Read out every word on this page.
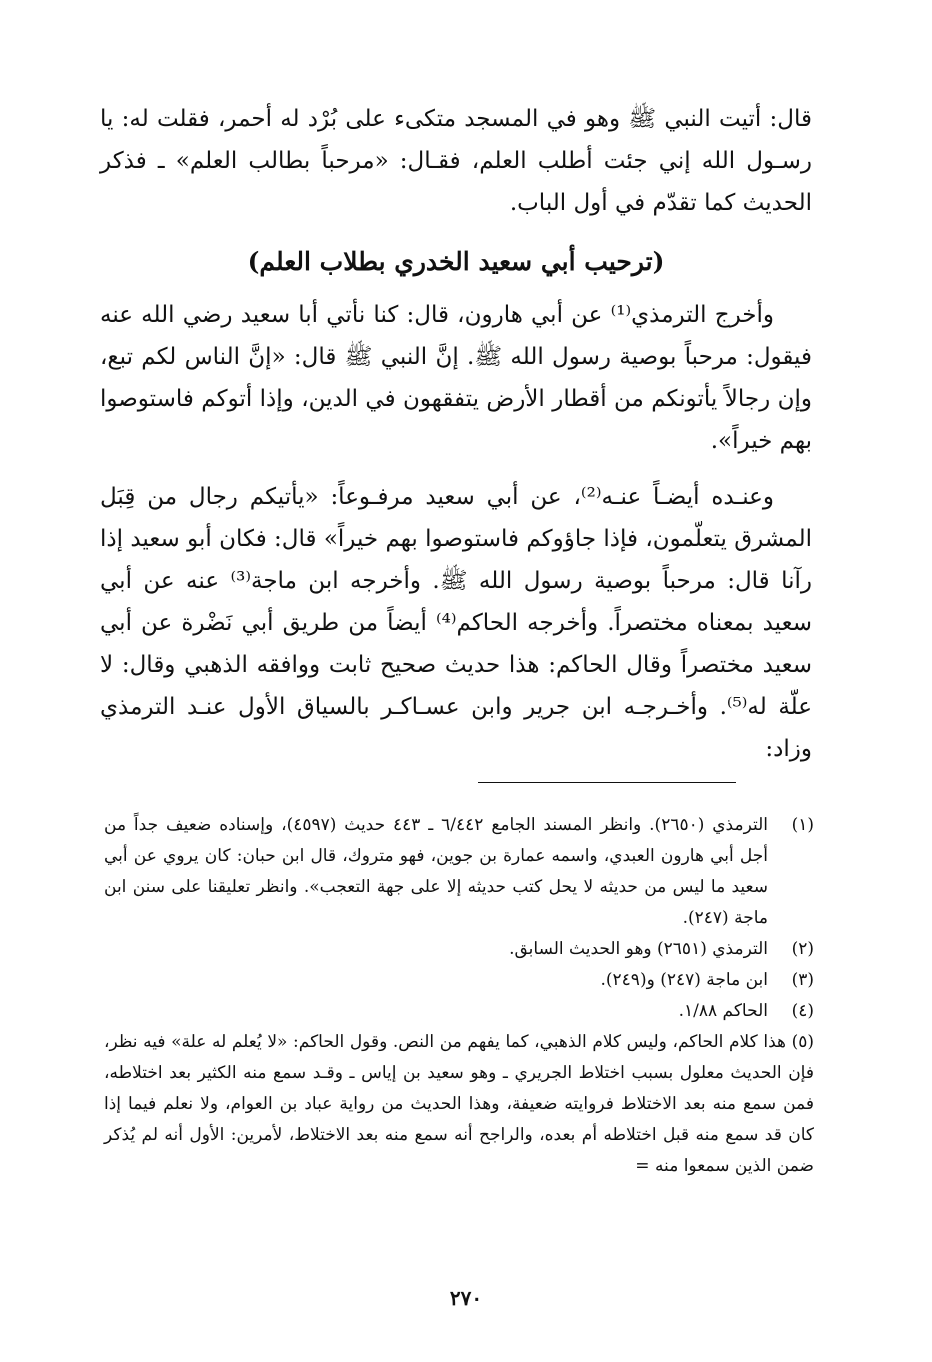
قال: أتيت النبي ﷺ وهو في المسجد متكىء على بُرْد له أحمر، فقلت له: يا رسـول الله إني جئت أطلب العلم، فقـال: «مرحباً بطالب العلم» ـ فذكر الحديث كما تقدّم في أول الباب.

(ترحيب أبي سعيد الخدري بطلاب العلم)

وأخرج الترمذي⁽¹⁾ عن أبي هارون، قال: كنا نأتي أبا سعيد رضي الله عنه فيقول: مرحباً بوصية رسول الله ﷺ. إنَّ النبي ﷺ قال: «إنَّ الناس لكم تبع، وإن رجالاً يأتونكم من أقطار الأرض يتفقهون في الدين، وإذا أتوكم فاستوصوا بهم خيراً».

وعنـده أيضـاً عنـه⁽²⁾، عن أبي سعيد مرفـوعاً: «يأتيكم رجال من قِبَل المشرق يتعلّمون، فإذا جاؤوكم فاستوصوا بهم خيراً» قال: فكان أبو سعيد إذا رآنا قال: مرحباً بوصية رسول الله ﷺ. وأخرجه ابن ماجة⁽³⁾ عنه عن أبي سعيد بمعناه مختصراً. وأخرجه الحاكم⁽⁴⁾ أيضاً من طريق أبي نَضْرة عن أبي سعيد مختصراً وقال الحاكم: هذا حديث صحيح ثابت ووافقه الذهبي وقال: لا علّة له⁽⁵⁾. وأخـرجـه ابن جرير وابن عسـاكـر بالسياق الأول عنـد الترمذي وزاد:

(١)
الترمذي (٢٦٥٠). وانظر المسند الجامع ٦/٤٤٢ ـ ٤٤٣ حديث (٤٥٩٧)، وإسناده ضعيف جداً من أجل أبي هارون العبدي، واسمه عمارة بن جوين، فهو متروك، قال ابن حبان: كان يروي عن أبي سعيد ما ليس من حديثه لا يحل كتب حديثه إلا على جهة التعجب». وانظر تعليقنا على سنن ابن ماجة (٢٤٧).
(٢)
الترمذي (٢٦٥١) وهو الحديث السابق.
(٣)
ابن ماجة (٢٤٧) و(٢٤٩).
(٤)
الحاكم ١/٨٨.
(٥) هذا كلام الحاكم، وليس كلام الذهبي، كما يفهم من النص. وقول الحاكم: «لا يُعلم له علة» فيه نظر، فإن الحديث معلول بسبب اختلاط الجريري ـ وهو سعيد بن إياس ـ وقـد سمع منه الكثير بعد اختلاطه، فمن سمع منه بعد الاختلاط فروايته ضعيفة، وهذا الحديث من رواية عباد بن العوام، ولا نعلم فيما إذا كان قد سمع منه قبل اختلاطه أم بعده، والراجح أنه سمع منه بعد الاختلاط، لأمرين: الأول أنه لم يُذكر ضمن الذين سمعوا منه =
٢٧٠
